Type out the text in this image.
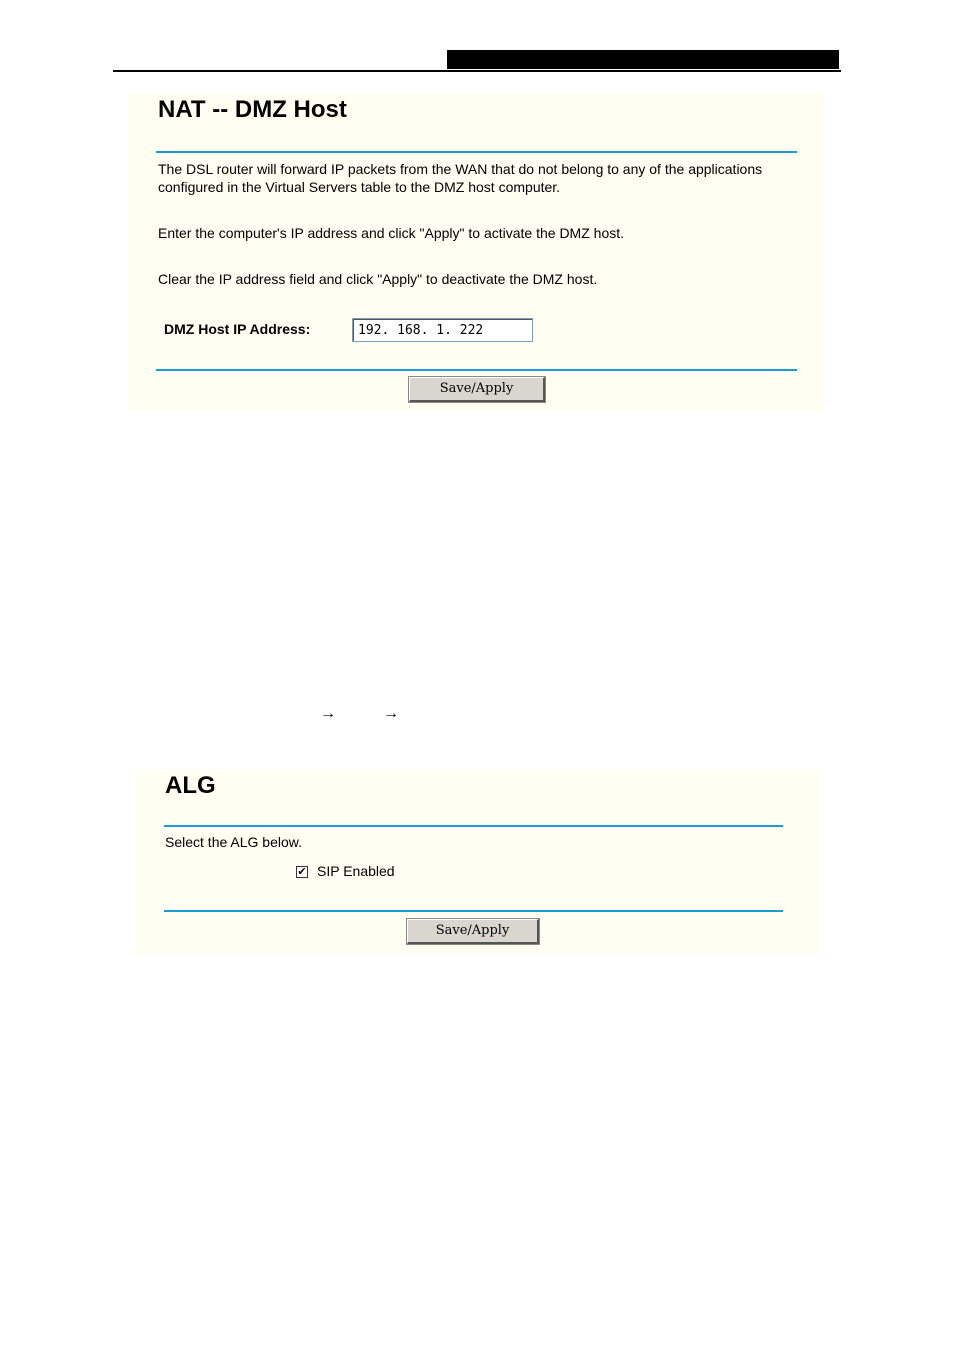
NAT -- DMZ Host

The DSL router will forward IP packets from the WAN that do not belong to any of the applications

configured in the Virtual Servers table to the DMZ host computer.

Enter the computer's IP address and click "Apply" to activate the DMZ host.

Clear the IP address field and click "Apply" to deactivate the DMZ host.

DMZ Host IP Address:
192. 168. 1. 222
Save/Apply
→	→
ALG

Select the ALG below.

✔ SIP Enabled
Save/Apply
